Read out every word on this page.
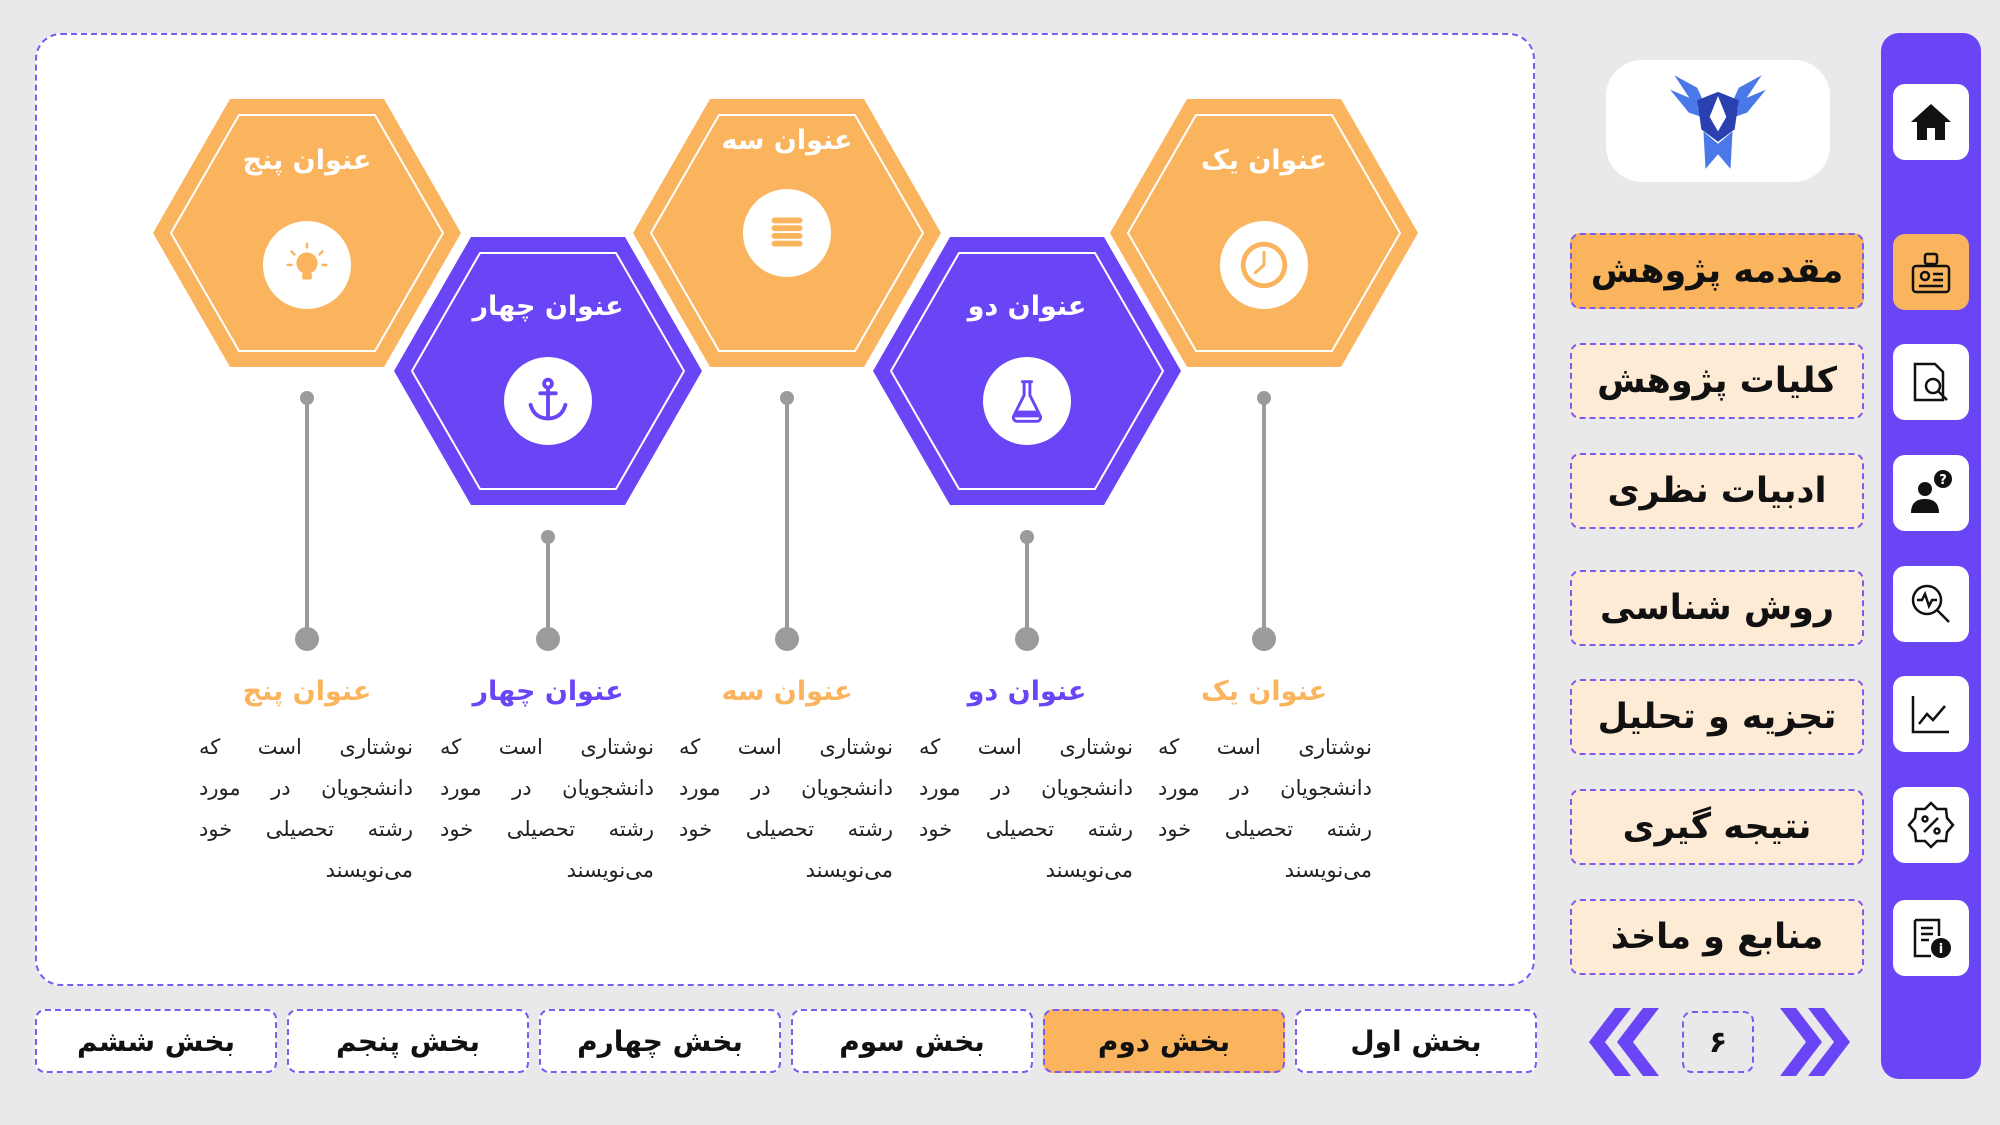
عنوان یک
عنوان دو
عنوان سه
عنوان چهار
عنوان پنج
عنوان یک
عنوان دو
عنوان سه
عنوان چهار
عنوان پنج
نوشتاری است که دانشجویان در مورد رشته تحصیلی خود می‌نویسند
نوشتاری است که دانشجویان در مورد رشته تحصیلی خود می‌نویسند
نوشتاری است که دانشجویان در مورد رشته تحصیلی خود می‌نویسند
نوشتاری است که دانشجویان در مورد رشته تحصیلی خود می‌نویسند
نوشتاری است که دانشجویان در مورد رشته تحصیلی خود می‌نویسند
?
i
مقدمه پژوهش
کلیات پژوهش
ادبیات نظری
روش شناسی
تجزیه و تحلیل
نتیجه گیری
منابع و ماخذ
بخش اول
بخش دوم
بخش سوم
بخش چهارم
بخش پنجم
بخش ششم	۶
